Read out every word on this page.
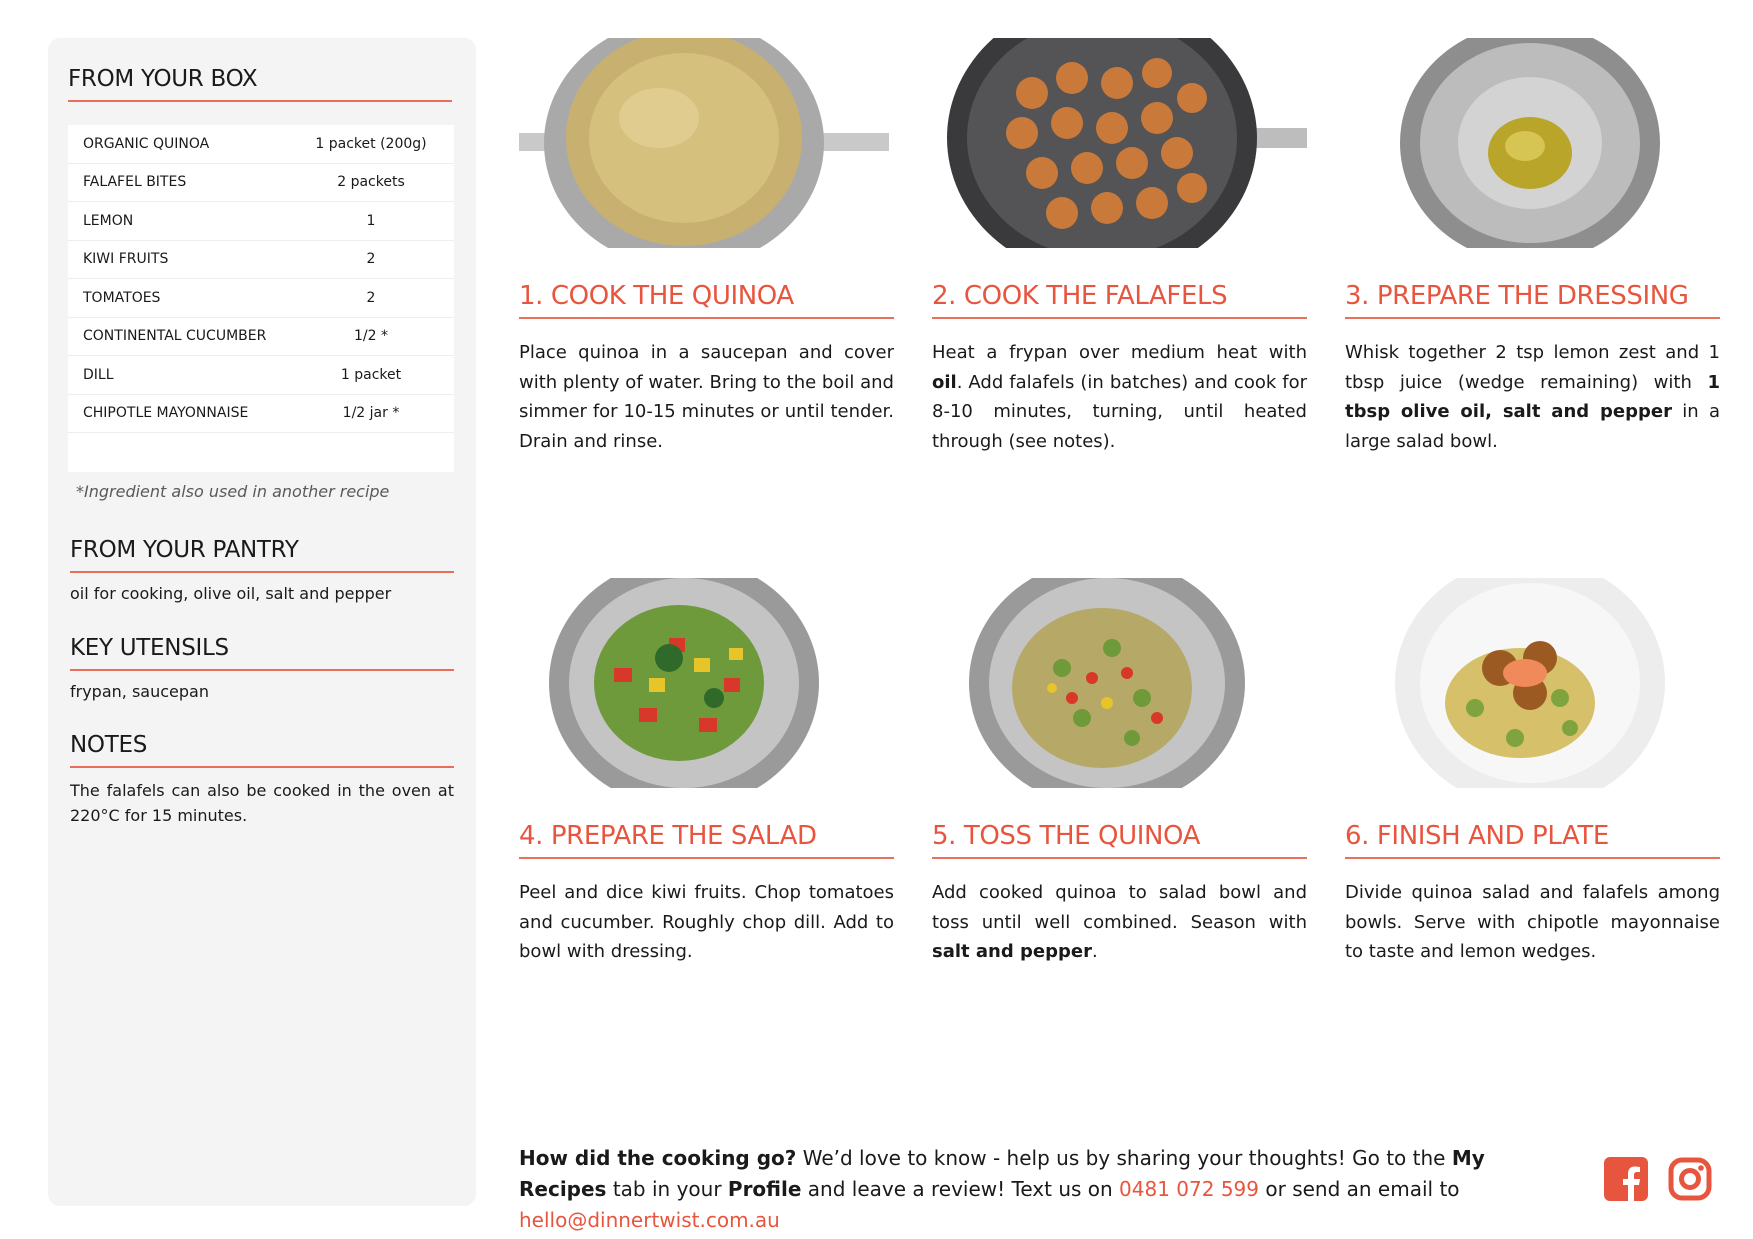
FROM YOUR BOX
ORGANIC QUINOA	1 packet (200g)
FALAFEL BITES	2 packets
LEMON	1
KIWI FRUITS	2
TOMATOES	2
CONTINENTAL CUCUMBER	1/2 *
DILL	1 packet
CHIPOTLE MAYONNAISE	1/2 jar *
*Ingredient also used in another recipe
FROM YOUR PANTRY
oil for cooking, olive oil, salt and pepper
KEY UTENSILS
frypan, saucepan
NOTES
The falafels can also be cooked in the oven at 220°C for 15 minutes.
1. COOK THE QUINOA
Place quinoa in a saucepan and cover with plenty of water. Bring to the boil and simmer for 10-15 minutes or until tender. Drain and rinse.
2. COOK THE FALAFELS
Heat a frypan over medium heat with oil. Add falafels (in batches) and cook for 8-10 minutes, turning, until heated through (see notes).
3. PREPARE THE DRESSING
Whisk together 2 tsp lemon zest and 1 tbsp juice (wedge remaining) with 1 tbsp olive oil, salt and pepper in a large salad bowl.
4. PREPARE THE SALAD
Peel and dice kiwi fruits. Chop tomatoes and cucumber. Roughly chop dill. Add to bowl with dressing.
5. TOSS THE QUINOA
Add cooked quinoa to salad bowl and toss until well combined. Season with salt and pepper.
6. FINISH AND PLATE
Divide quinoa salad and falafels among bowls. Serve with chipotle mayonnaise to taste and lemon wedges.
How did the cooking go? We’d love to know - help us by sharing your thoughts! Go to the My Recipes tab in your Profile and leave a review! Text us on 0481 072 599 or send an email to hello@dinnertwist.com.au
